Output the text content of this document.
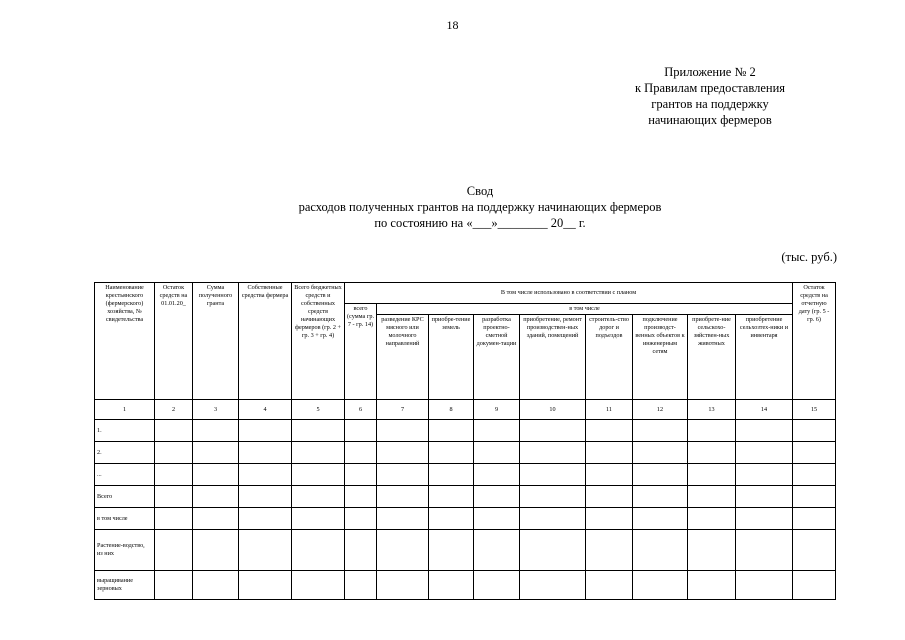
18
Приложение № 2
к Правилам предоставления
грантов на поддержку
начинающих фермеров
Свод
расходов полученных грантов на поддержку начинающих фермеров
по состоянию на «___»________ 20__ г.
(тыс. руб.)
Наименование крестьянского (фермерского) хозяйства, № свидетельства	Остаток средств на 01.01.20_	Сумма полученного гранта	Собственные средства фермера	Всего бюджетных средств и собственных средств начинающих фермеров (гр. 2 + гр. 3 + гр. 4)	В том числе использовано в соответствии с планом									Остаток средств на отчетную дату (гр. 5 - гр. 6)
					всего (сумма гр. 7 - гр. 14)	в том числе								
						разведение КРС мясного или молочного направлений	приобре-тение земель	разработка проектно-сметной докумен-тации	приобретение, ремонт производствен-ных зданий, помещений	строитель-ство дорог и подъездов	подключение производст-венных объектов к инженерным сетям	приобрете-ние сельскохо-зяйствен-ных животных	приобретение сельхозтех-ники и инвентаря	
1	2	3	4	5	6	7	8	9	10	11	12	13	14	15
1.														
2.														
...														
Всего														
в том числе														
Растение-водство, из них														
выращивание зерновых														
